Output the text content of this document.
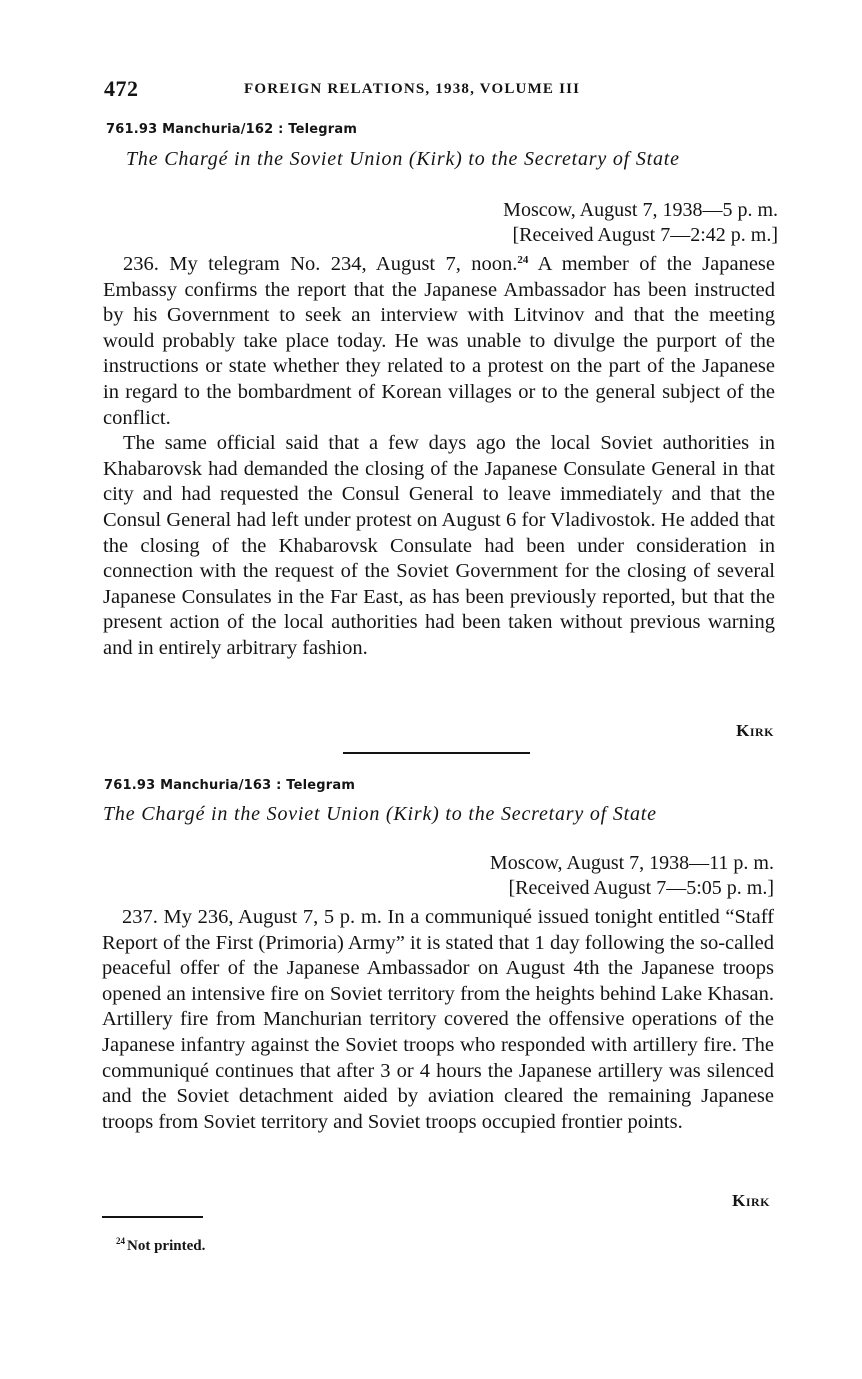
472	FOREIGN RELATIONS, 1938, VOLUME III
761.93 Manchuria/162 : Telegram
The Chargé in the Soviet Union (Kirk) to the Secretary of State
Moscow, August 7, 1938—5 p. m.
[Received August 7—2:42 p. m.]

236. My telegram No. 234, August 7, noon.$^{24}$ A member of the Japanese Embassy confirms the report that the Japanese Ambassador has been instructed by his Government to seek an interview with Litvinov and that the meeting would probably take place today. He was unable to divulge the purport of the instructions or state whether they related to a protest on the part of the Japanese in regard to the bombardment of Korean villages or to the general subject of the conflict.

The same official said that a few days ago the local Soviet authorities in Khabarovsk had demanded the closing of the Japanese Consulate General in that city and had requested the Consul General to leave immediately and that the Consul General had left under protest on August 6 for Vladivostok. He added that the closing of the Khabarovsk Consulate had been under consideration in connection with the request of the Soviet Government for the closing of several Japanese Consulates in the Far East, as has been previously reported, but that the present action of the local authorities had been taken without previous warning and in entirely arbitrary fashion.

Kirk
761.93 Manchuria/163 : Telegram
The Chargé in the Soviet Union (Kirk) to the Secretary of State
Moscow, August 7, 1938—11 p. m.
[Received August 7—5:05 p. m.]

237. My 236, August 7, 5 p. m. In a communiqué issued tonight entitled “Staff Report of the First (Primoria) Army” it is stated that 1 day following the so-called peaceful offer of the Japanese Ambassador on August 4th the Japanese troops opened an intensive fire on Soviet territory from the heights behind Lake Khasan. Artillery fire from Manchurian territory covered the offensive operations of the Japanese infantry against the Soviet troops who responded with artillery fire. The communiqué continues that after 3 or 4 hours the Japanese artillery was silenced and the Soviet detachment aided by aviation cleared the remaining Japanese troops from Soviet territory and Soviet troops occupied frontier points.

Kirk
$^{24}$ Not printed.
